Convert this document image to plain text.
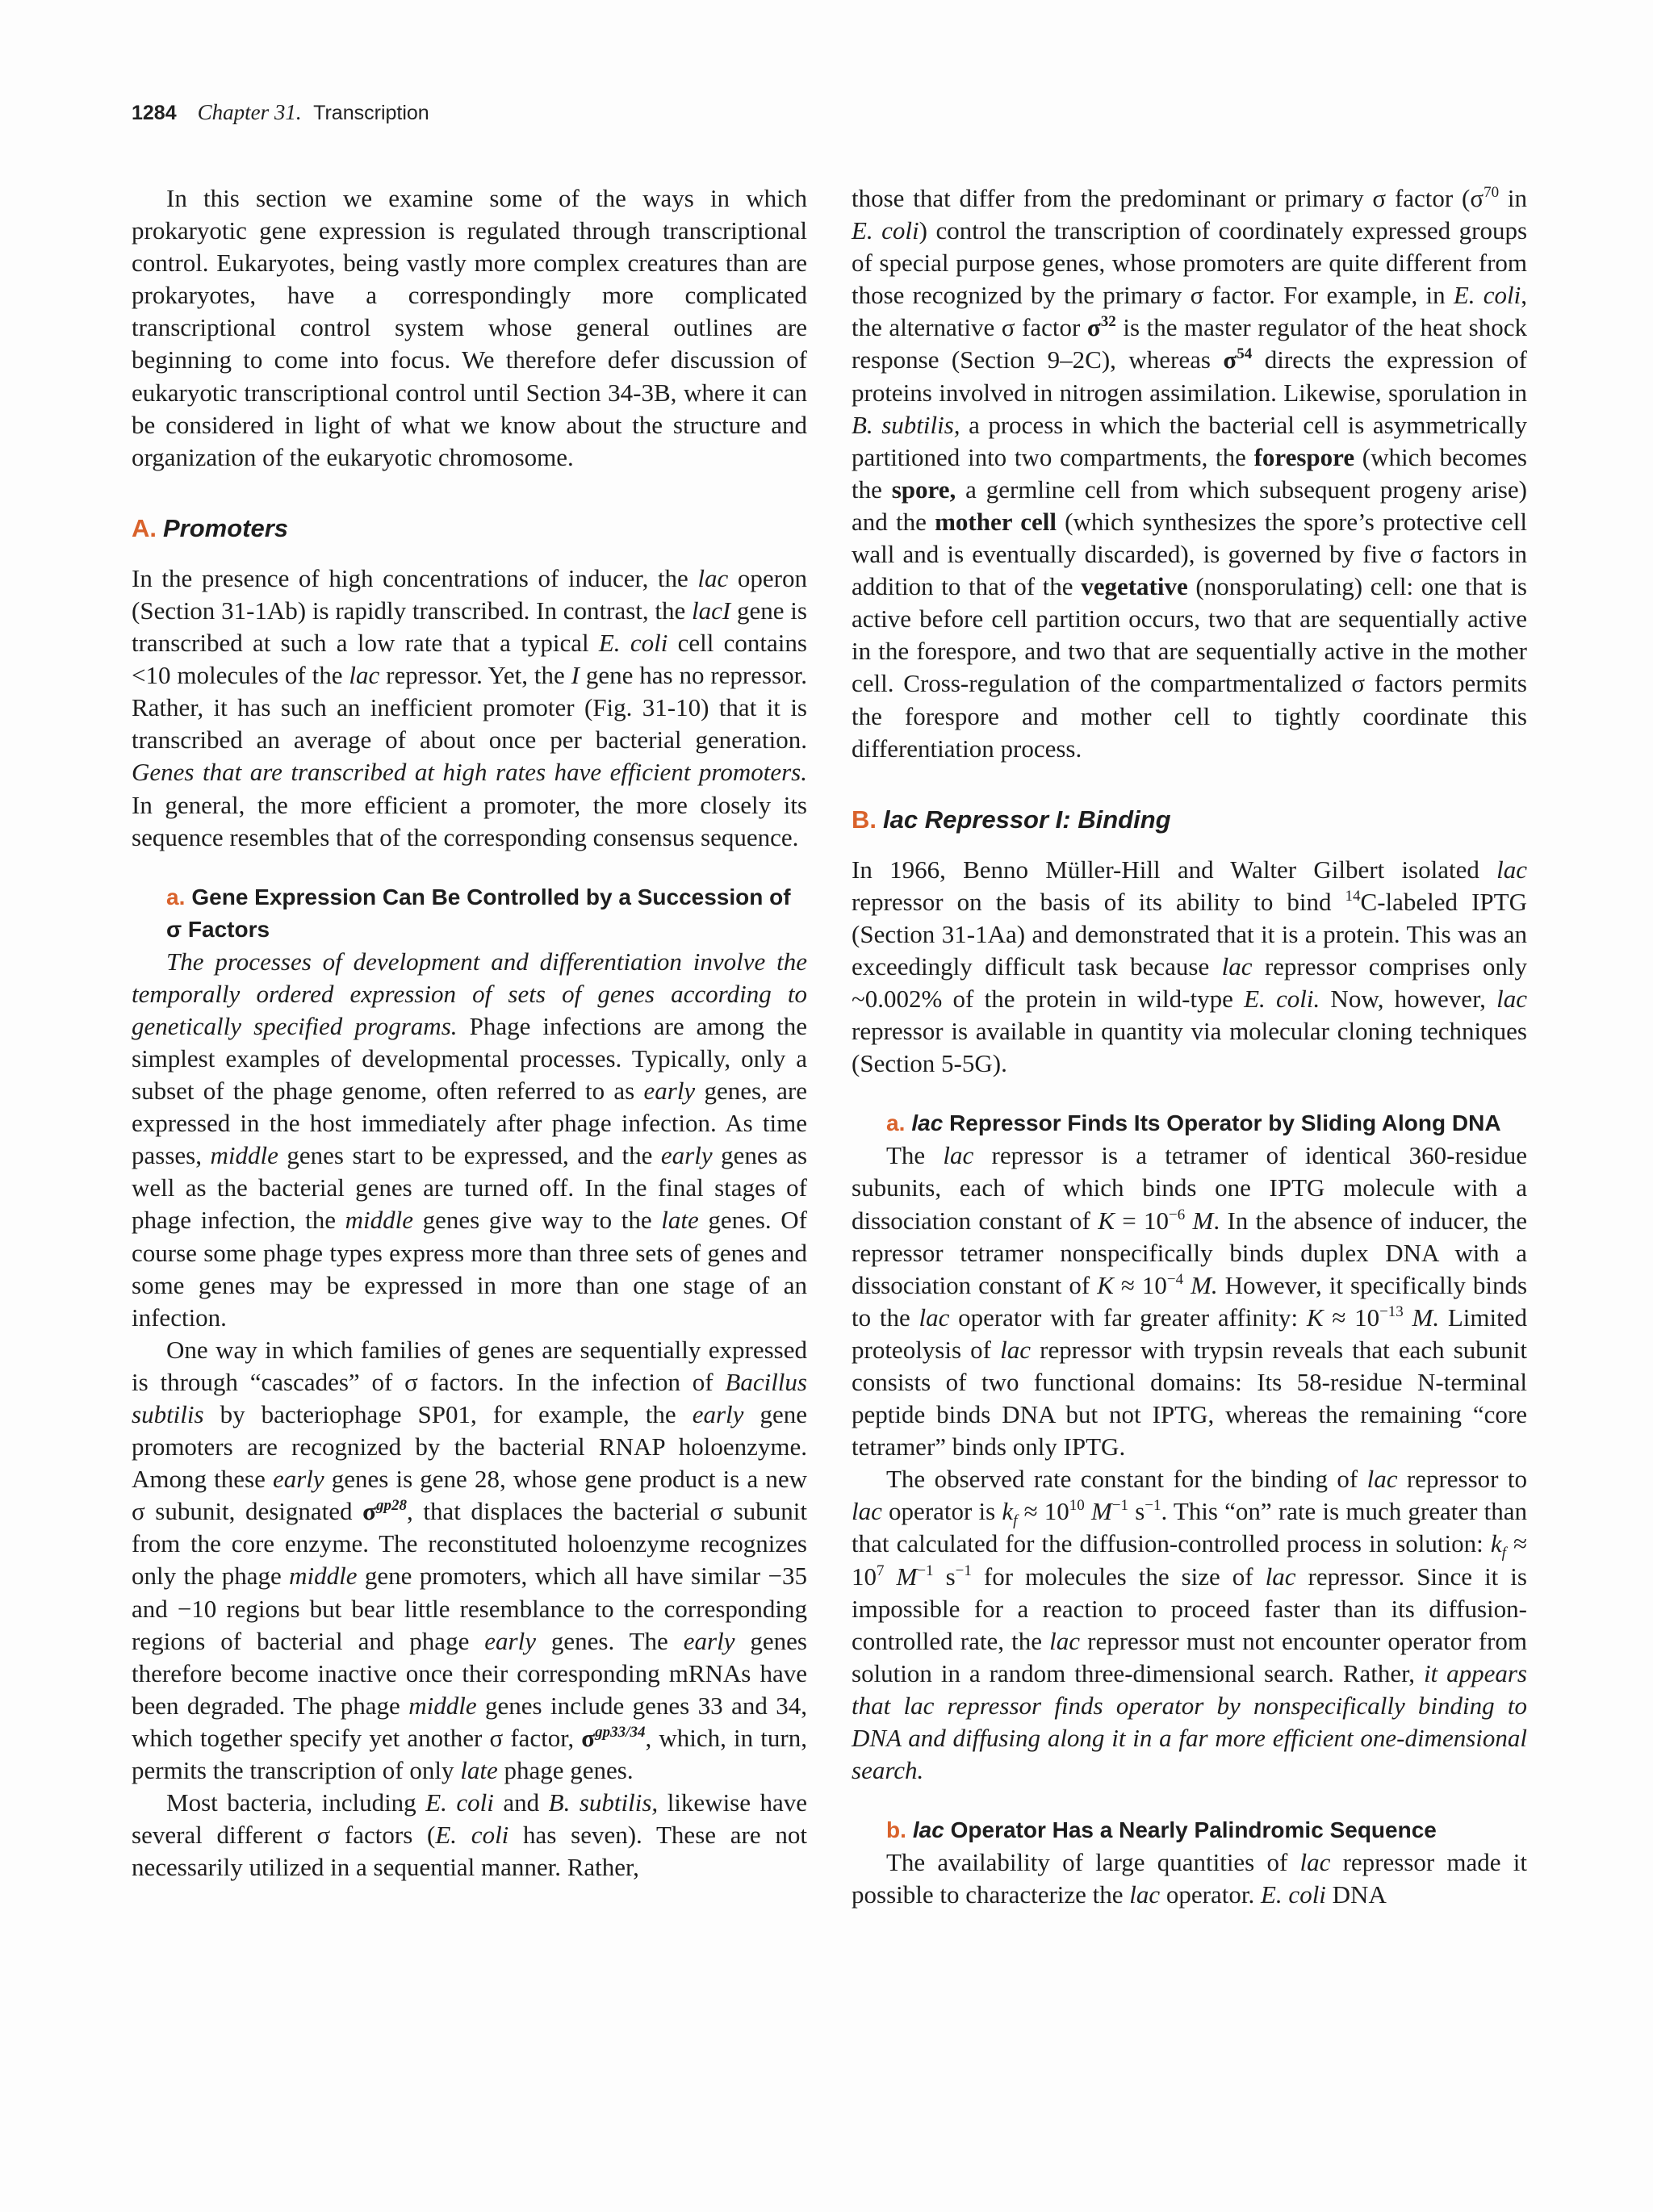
1284 Chapter 31. Transcription

In this section we examine some of the ways in which prokaryotic gene expression is regulated through transcriptional control. Eukaryotes, being vastly more complex creatures than are prokaryotes, have a correspondingly more complicated transcriptional control system whose general outlines are beginning to come into focus. We therefore defer discussion of eukaryotic transcriptional control until Section 34-3B, where it can be considered in light of what we know about the structure and organization of the eukaryotic chromosome.

A. Promoters

In the presence of high concentrations of inducer, the lac operon (Section 31-1Ab) is rapidly transcribed. In contrast, the lacI gene is transcribed at such a low rate that a typical E. coli cell contains <10 molecules of the lac repressor. Yet, the I gene has no repressor. Rather, it has such an inefficient promoter (Fig. 31-10) that it is transcribed an average of about once per bacterial generation. Genes that are transcribed at high rates have efficient promoters. In general, the more efficient a promoter, the more closely its sequence resembles that of the corresponding consensus sequence.

a. Gene Expression Can Be Controlled by a Succession of σ Factors

The processes of development and differentiation involve the temporally ordered expression of sets of genes according to genetically specified programs. Phage infections are among the simplest examples of developmental processes. Typically, only a subset of the phage genome, often referred to as early genes, are expressed in the host immediately after phage infection. As time passes, middle genes start to be expressed, and the early genes as well as the bacterial genes are turned off. In the final stages of phage infection, the middle genes give way to the late genes. Of course some phage types express more than three sets of genes and some genes may be expressed in more than one stage of an infection.

One way in which families of genes are sequentially expressed is through “cascades” of σ factors. In the infection of Bacillus subtilis by bacteriophage SP01, for example, the early gene promoters are recognized by the bacterial RNAP holoenzyme. Among these early genes is gene 28, whose gene product is a new σ subunit, designated $\sigma^{gp28}$, that displaces the bacterial σ subunit from the core enzyme. The reconstituted holoenzyme recognizes only the phage middle gene promoters, which all have similar −35 and −10 regions but bear little resemblance to the corresponding regions of bacterial and phage early genes. The early genes therefore become inactive once their corresponding mRNAs have been degraded. The phage middle genes include genes 33 and 34, which together specify yet another σ factor, $\sigma^{gp33/34}$, which, in turn, permits the transcription of only late phage genes.

Most bacteria, including E. coli and B. subtilis, likewise have several different σ factors (E. coli has seven). These are not necessarily utilized in a sequential manner. Rather,

those that differ from the predominant or primary σ factor ($\sigma^{70}$ in E. coli) control the transcription of coordinately expressed groups of special purpose genes, whose promoters are quite different from those recognized by the primary σ factor. For example, in E. coli, the alternative σ factor $\sigma^{32}$ is the master regulator of the heat shock response (Section 9–2C), whereas $\sigma^{54}$ directs the expression of proteins involved in nitrogen assimilation. Likewise, sporulation in B. subtilis, a process in which the bacterial cell is asymmetrically partitioned into two compartments, the forespore (which becomes the spore, a germline cell from which subsequent progeny arise) and the mother cell (which synthesizes the spore’s protective cell wall and is eventually discarded), is governed by five σ factors in addition to that of the vegetative (nonsporulating) cell: one that is active before cell partition occurs, two that are sequentially active in the forespore, and two that are sequentially active in the mother cell. Cross-regulation of the compartmentalized σ factors permits the forespore and mother cell to tightly coordinate this differentiation process.

B. lac Repressor I: Binding

In 1966, Benno Müller-Hill and Walter Gilbert isolated lac repressor on the basis of its ability to bind $^{14}$C-labeled IPTG (Section 31-1Aa) and demonstrated that it is a protein. This was an exceedingly difficult task because lac repressor comprises only ~0.002% of the protein in wild-type E. coli. Now, however, lac repressor is available in quantity via molecular cloning techniques (Section 5-5G).

a. lac Repressor Finds Its Operator by Sliding Along DNA

The lac repressor is a tetramer of identical 360-residue subunits, each of which binds one IPTG molecule with a dissociation constant of $K = 10^{-6}$ M. In the absence of inducer, the repressor tetramer nonspecifically binds duplex DNA with a dissociation constant of $K \approx 10^{-4}$ M. However, it specifically binds to the lac operator with far greater affinity: $K \approx 10^{-13}$ M. Limited proteolysis of lac repressor with trypsin reveals that each subunit consists of two functional domains: Its 58-residue N-terminal peptide binds DNA but not IPTG, whereas the remaining “core tetramer” binds only IPTG.

The observed rate constant for the binding of lac repressor to lac operator is $k_f \approx 10^{10}$ $M^{-1}$ $s^{-1}$. This “on” rate is much greater than that calculated for the diffusion-controlled process in solution: $k_f \approx 10^7$ $M^{-1}$ $s^{-1}$ for molecules the size of lac repressor. Since it is impossible for a reaction to proceed faster than its diffusion-controlled rate, the lac repressor must not encounter operator from solution in a random three-dimensional search. Rather, it appears that lac repressor finds operator by nonspecifically binding to DNA and diffusing along it in a far more efficient one-dimensional search.

b. lac Operator Has a Nearly Palindromic Sequence

The availability of large quantities of lac repressor made it possible to characterize the lac operator. E. coli DNA
